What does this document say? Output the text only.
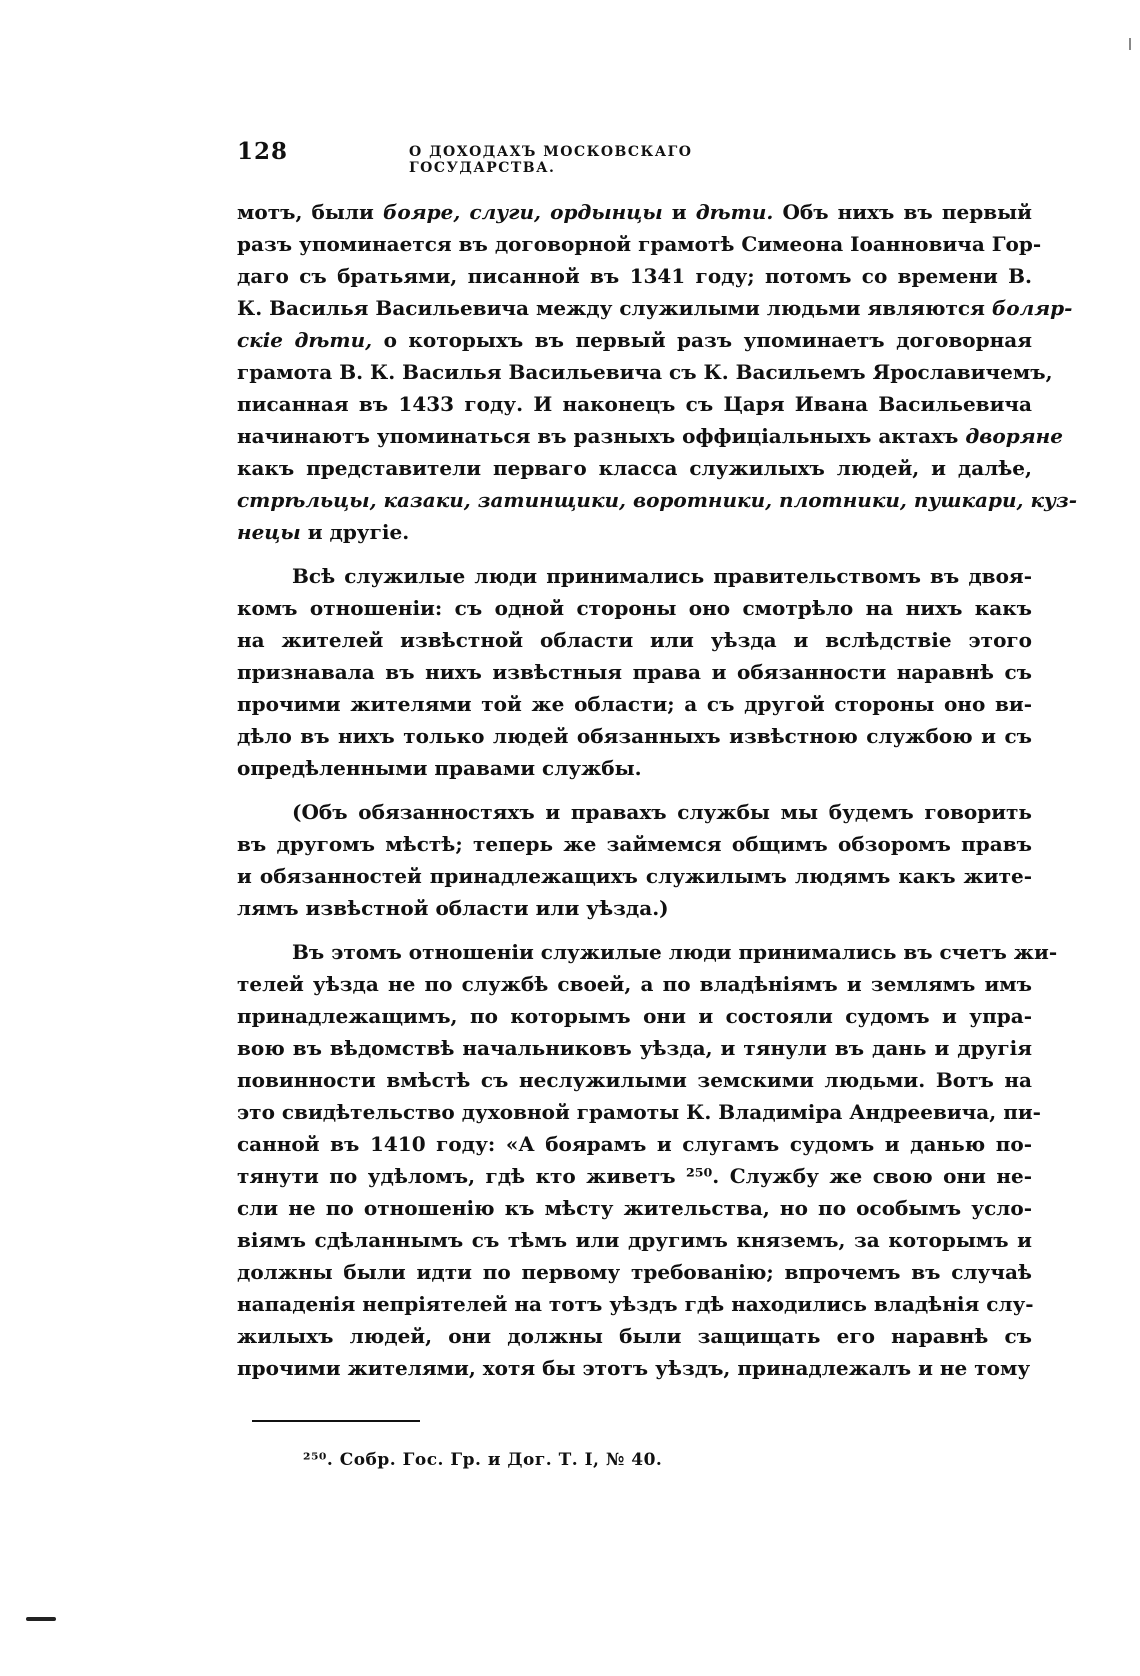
128	О ДОХОДАХЪ МОСКОВСКАГО ГОСУДАРСТВА.
мотъ, были бояре, слуги, ордынцы и дѣти. Объ нихъ въ первый
разъ упоминается въ договорной грамотѣ Симеона Іоанновича Гор-
даго съ братьями, писанной въ 1341 году; потомъ со времени В.
К. Василья Васильевича между служилыми людьми являются боляр-
скіе дѣти, о которыхъ въ первый разъ упоминаетъ договорная
грамота В. К. Василья Васильевича съ К. Васильемъ Ярославичемъ,
писанная въ 1433 году. И наконецъ съ Царя Ивана Васильевича
начинаютъ упоминаться въ разныхъ оффиціальныхъ актахъ дворяне
какъ представители перваго класса служилыхъ людей, и далѣе,
стрѣльцы, казаки, затинщики, воротники, плотники, пушкари, куз-
нецы и другіе.
Всѣ служилые люди принимались правительствомъ въ двоя-
комъ отношеніи: съ одной стороны оно смотрѣло на нихъ какъ
на жителей извѣстной области или уѣзда и вслѣдствіе этого
признавала въ нихъ извѣстныя права и обязанности наравнѣ съ
прочими жителями той же области; а съ другой стороны оно ви-
дѣло въ нихъ только людей обязанныхъ извѣстною службою и съ
опредѣленными правами службы.
(Объ обязанностяхъ и правахъ службы мы будемъ говорить
въ другомъ мѣстѣ; теперь же займемся общимъ обзоромъ правъ
и обязанностей принадлежащихъ служилымъ людямъ какъ жите-
лямъ извѣстной области или уѣзда.)
Въ этомъ отношеніи служилые люди принимались въ счетъ жи-
телей уѣзда не по службѣ своей, а по владѣніямъ и землямъ имъ
принадлежащимъ, по которымъ они и состояли судомъ и упра-
вою въ вѣдомствѣ начальниковъ уѣзда, и тянули въ дань и другія
повинности вмѣстѣ съ неслужилыми земскими людьми. Вотъ на
это свидѣтельство духовной грамоты К. Владиміра Андреевича, пи-
санной въ 1410 году: «А боярамъ и слугамъ судомъ и данью по-
тянути по удѣломъ, гдѣ кто живетъ ²⁵⁰. Службу же свою они не-
сли не по отношенію къ мѣсту жительства, но по особымъ усло-
віямъ сдѣланнымъ съ тѣмъ или другимъ княземъ, за которымъ и
должны были идти по первому требованію; впрочемъ въ случаѣ
нападенія непріятелей на тотъ уѣздъ гдѣ находились владѣнія слу-
жилыхъ людей, они должны были защищать его наравнѣ съ
прочими жителями, хотя бы этотъ уѣздъ, принадлежалъ и не тому
²⁵⁰. Собр. Гос. Гр. и Дог. Т. I, № 40.
